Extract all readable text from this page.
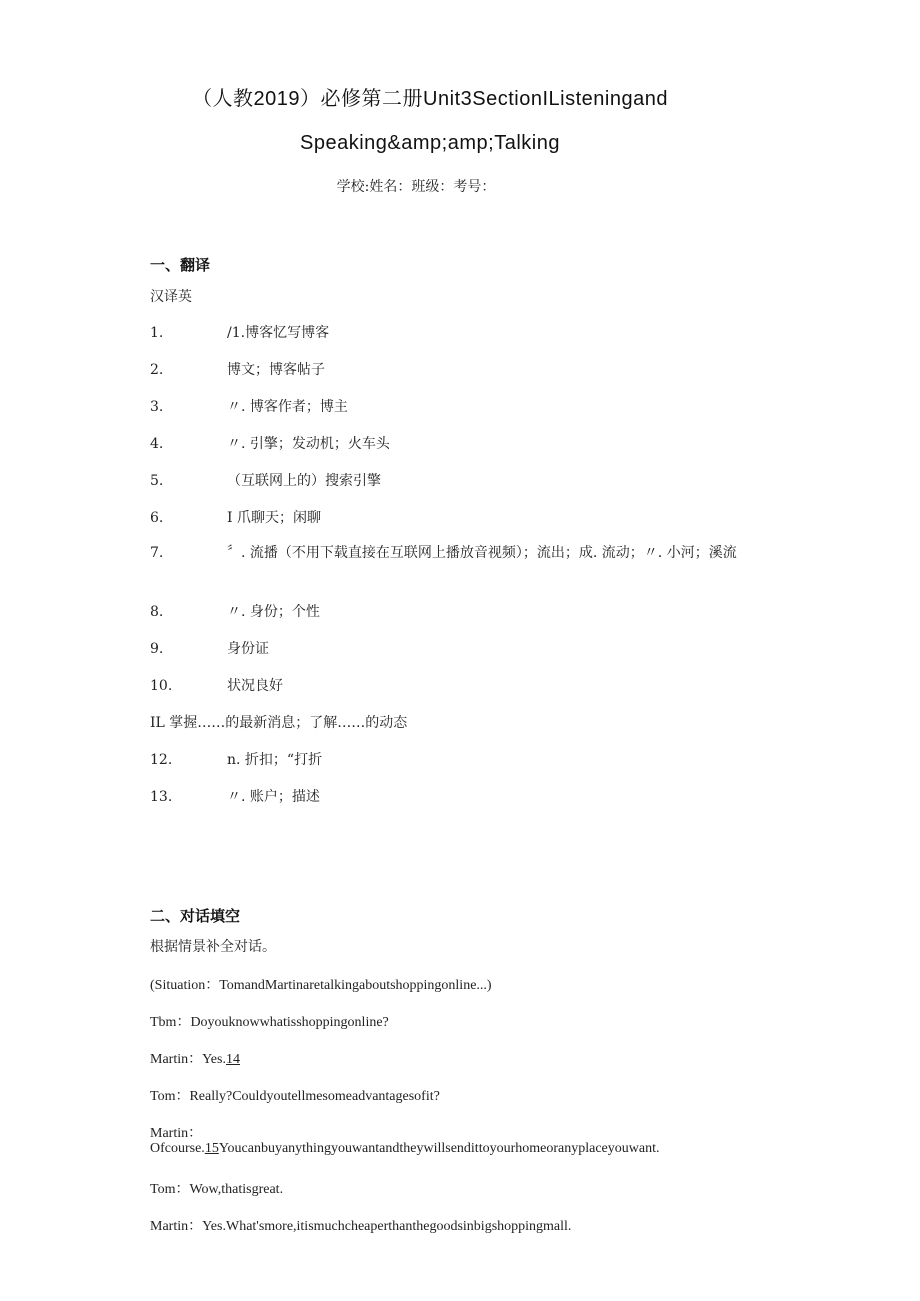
（人教2019）必修第二册Unit3SectionIListeningand
Speaking&amp;amp;Talking
学校:姓名：班级：考号：
一、翻译
汉译英
1.	/1.博客忆写博客
2.	博文；博客帖子
3.	〃. 博客作者；博主
4.	〃. 引擎；发动机；火车头
5.	（互联网上的）搜索引擎
6.	I 爪聊天；闲聊
7.	〞. 流播（不用下载直接在互联网上播放音视频）；流出；成. 流动；〃. 小河；溪流
8.	〃. 身份；个性
9.	身份证
10.	状况良好
IL 掌握……的最新消息；了解……的动态
12.	n. 折扣；“打折
13.	〃. 账户；描述
二、对话填空
根据情景补全对话。
(Situation：TomandMartinaretalkingaboutshoppingonline...)
Tbm：Doyouknowwhatisshoppingonline?
Martin：Yes.14
Tom：Really?Couldyoutellmesomeadvantagesofit?
Martin：
Ofcourse.15Youcanbuyanythingyouwantandtheywillsendittoyourhomeoranyplaceyouwant.
Tom：Wow,thatisgreat.
Martin：Yes.What'smore,itismuchcheaperthanthegoodsinbigshoppingmall.
